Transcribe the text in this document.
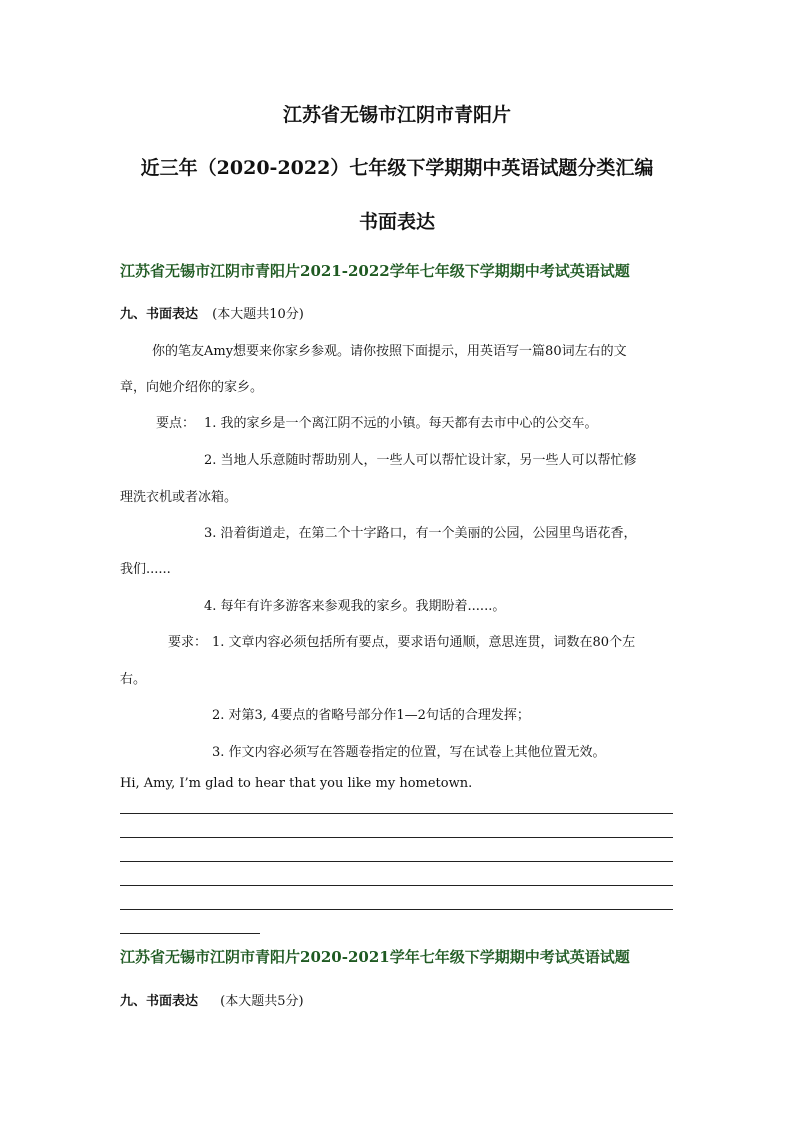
江苏省无锡市江阴市青阳片
近三年（2020-2022）七年级下学期期中英语试题分类汇编
书面表达
江苏省无锡市江阴市青阳片2021-2022学年七年级下学期期中考试英语试题
九、书面表达 (本大题共10分)
你的笔友Amy想要来你家乡参观。请你按照下面提示，用英语写一篇80词左右的文
章，向她介绍你的家乡。
要点： 1. 我的家乡是一个离江阴不远的小镇。每天都有去市中心的公交车。
2. 当地人乐意随时帮助别人，一些人可以帮忙设计家，另一些人可以帮忙修
理洗衣机或者冰箱。
3. 沿着街道走，在第二个十字路口，有一个美丽的公园，公园里鸟语花香，
我们......
4. 每年有许多游客来参观我的家乡。我期盼着......。
要求： 1. 文章内容必须包括所有要点，要求语句通顺，意思连贯，词数在80个左
右。
2. 对第3, 4要点的省略号部分作1—2句话的合理发挥；
3. 作文内容必须写在答题卷指定的位置，写在试卷上其他位置无效。
Hi, Amy, I’m glad to hear that you like my hometown.
江苏省无锡市江阴市青阳片2020-2021学年七年级下学期期中考试英语试题
九、书面表达 (本大题共5分)
